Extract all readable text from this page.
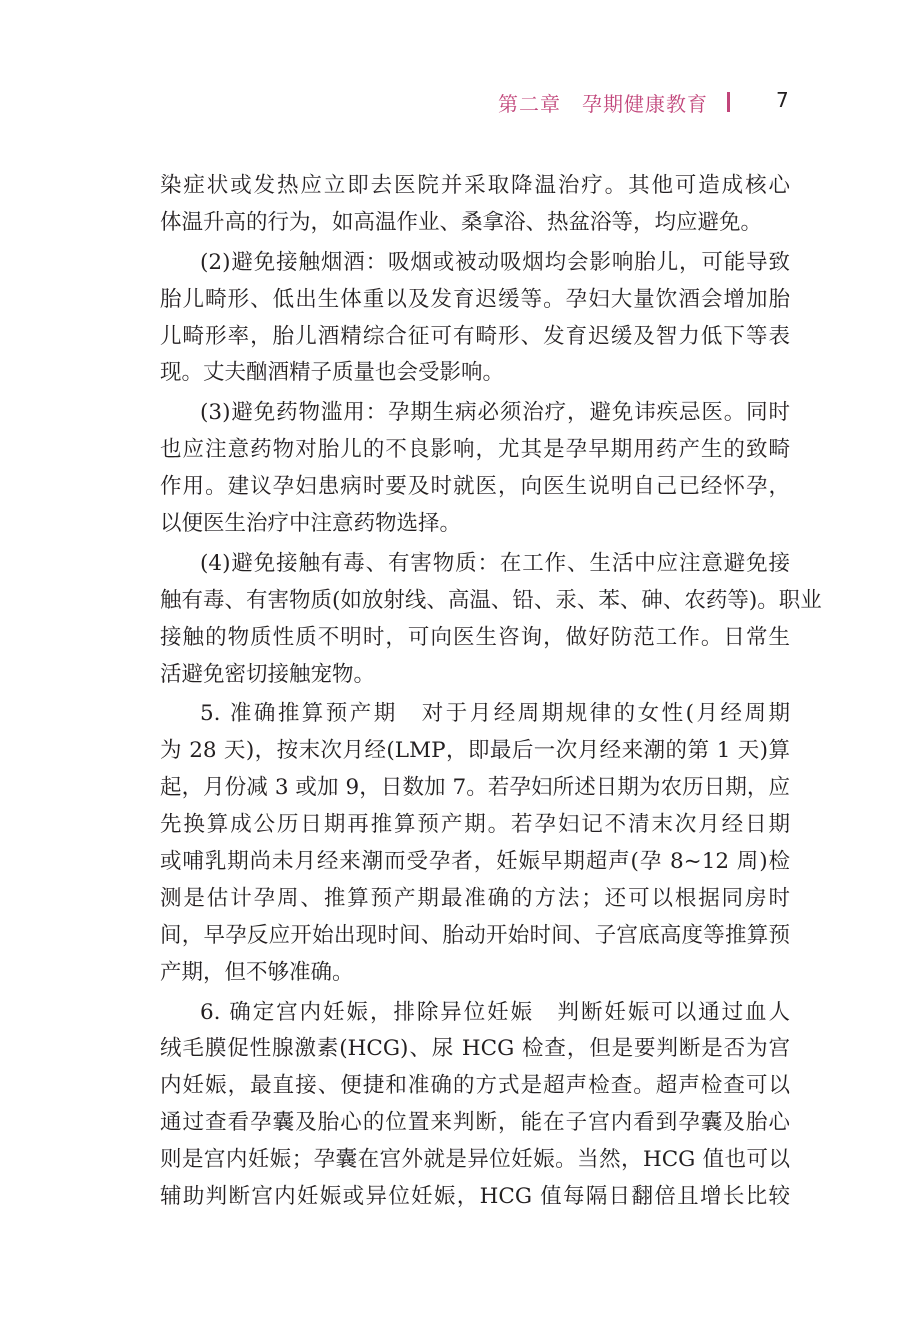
第二章　孕期健康教育	7
染症状或发热应立即去医院并采取降温治疗。其他可造成核心
体温升高的行为，如高温作业、桑拿浴、热盆浴等，均应避免。
(2)避免接触烟酒：吸烟或被动吸烟均会影响胎儿，可能导致
胎儿畸形、低出生体重以及发育迟缓等。孕妇大量饮酒会增加胎
儿畸形率，胎儿酒精综合征可有畸形、发育迟缓及智力低下等表
现。丈夫酗酒精子质量也会受影响。
(3)避免药物滥用：孕期生病必须治疗，避免讳疾忌医。同时
也应注意药物对胎儿的不良影响，尤其是孕早期用药产生的致畸
作用。建议孕妇患病时要及时就医，向医生说明自己已经怀孕，
以便医生治疗中注意药物选择。
(4)避免接触有毒、有害物质：在工作、生活中应注意避免接
触有毒、有害物质(如放射线、高温、铅、汞、苯、砷、农药等)。职业
接触的物质性质不明时，可向医生咨询，做好防范工作。日常生
活避免密切接触宠物。
5. 准确推算预产期　对于月经周期规律的女性(月经周期
为 28 天)，按末次月经(LMP，即最后一次月经来潮的第 1 天)算
起，月份减 3 或加 9，日数加 7。若孕妇所述日期为农历日期，应
先换算成公历日期再推算预产期。若孕妇记不清末次月经日期
或哺乳期尚未月经来潮而受孕者，妊娠早期超声(孕 8~12 周)检
测是估计孕周、推算预产期最准确的方法；还可以根据同房时
间，早孕反应开始出现时间、胎动开始时间、子宫底高度等推算预
产期，但不够准确。
6. 确定宫内妊娠，排除异位妊娠　判断妊娠可以通过血人
绒毛膜促性腺激素(HCG)、尿 HCG 检查，但是要判断是否为宫
内妊娠，最直接、便捷和准确的方式是超声检查。超声检查可以
通过查看孕囊及胎心的位置来判断，能在子宫内看到孕囊及胎心
则是宫内妊娠；孕囊在宫外就是异位妊娠。当然，HCG 值也可以
辅助判断宫内妊娠或异位妊娠，HCG 值每隔日翻倍且增长比较
